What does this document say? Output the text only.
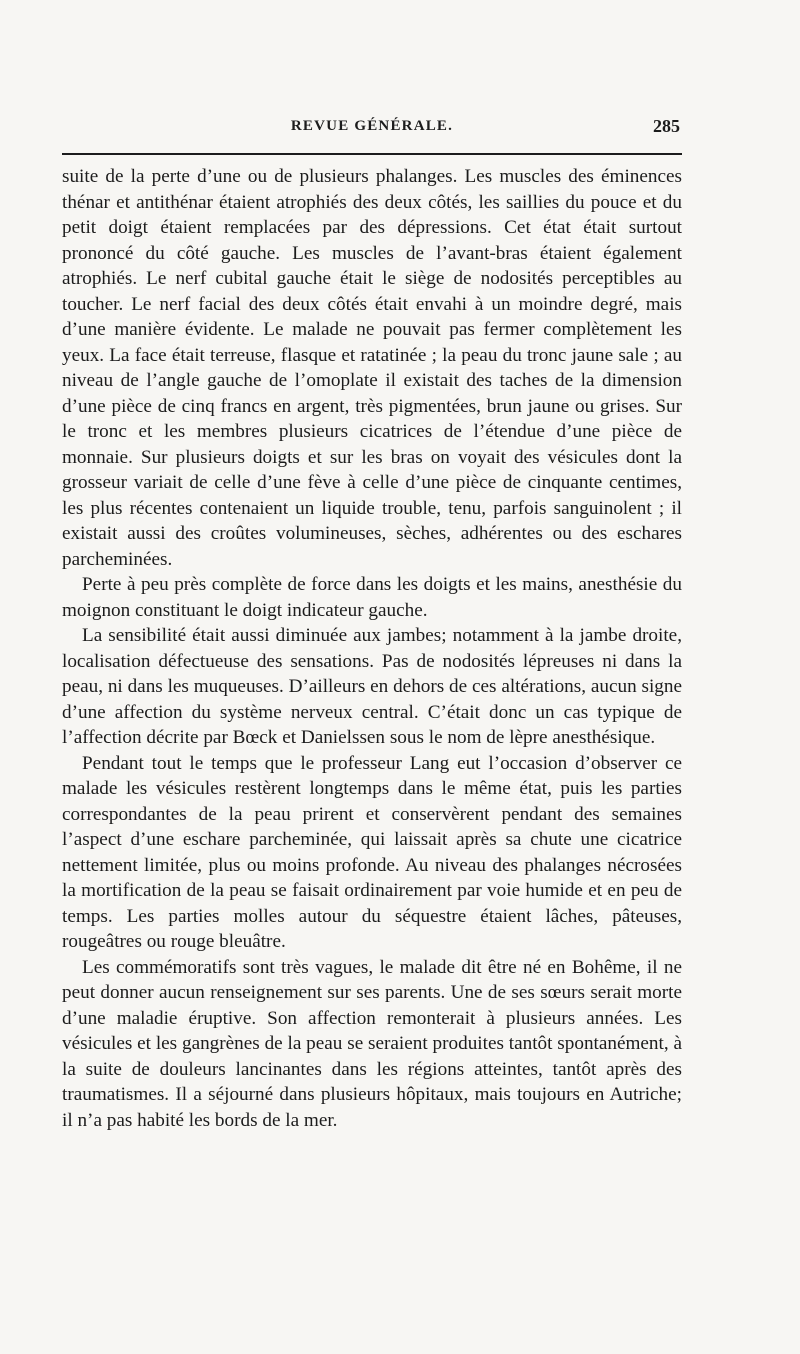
REVUE GÉNÉRALE.	285

suite de la perte d’une ou de plusieurs phalanges. Les muscles des éminences thénar et antithénar étaient atrophiés des deux côtés, les saillies du pouce et du petit doigt étaient remplacées par des dépressions. Cet état était surtout prononcé du côté gauche. Les muscles de l’avant-bras étaient également atrophiés. Le nerf cubital gauche était le siège de nodosités perceptibles au toucher. Le nerf facial des deux côtés était envahi à un moindre degré, mais d’une manière évidente. Le malade ne pouvait pas fermer complètement les yeux. La face était terreuse, flasque et ratatinée ; la peau du tronc jaune sale ; au niveau de l’angle gauche de l’omoplate il existait des taches de la dimension d’une pièce de cinq francs en argent, très pigmentées, brun jaune ou grises. Sur le tronc et les membres plusieurs cicatrices de l’étendue d’une pièce de monnaie. Sur plusieurs doigts et sur les bras on voyait des vésicules dont la grosseur variait de celle d’une fève à celle d’une pièce de cinquante centimes, les plus récentes contenaient un liquide trouble, tenu, parfois sanguinolent ; il existait aussi des croûtes volumineuses, sèches, adhérentes ou des eschares parcheminées.

Perte à peu près complète de force dans les doigts et les mains, anesthésie du moignon constituant le doigt indicateur gauche.

La sensibilité était aussi diminuée aux jambes; notamment à la jambe droite, localisation défectueuse des sensations. Pas de nodosités lépreuses ni dans la peau, ni dans les muqueuses. D’ailleurs en dehors de ces altérations, aucun signe d’une affection du système nerveux central. C’était donc un cas typique de l’affection décrite par Bœck et Danielssen sous le nom de lèpre anesthésique.

Pendant tout le temps que le professeur Lang eut l’occasion d’observer ce malade les vésicules restèrent longtemps dans le même état, puis les parties correspondantes de la peau prirent et conservèrent pendant des semaines l’aspect d’une eschare parcheminée, qui laissait après sa chute une cicatrice nettement limitée, plus ou moins profonde. Au niveau des phalanges nécrosées la mortification de la peau se faisait ordinairement par voie humide et en peu de temps. Les parties molles autour du séquestre étaient lâches, pâteuses, rougeâtres ou rouge bleuâtre.

Les commémoratifs sont très vagues, le malade dit être né en Bohême, il ne peut donner aucun renseignement sur ses parents. Une de ses sœurs serait morte d’une maladie éruptive. Son affection remonterait à plusieurs années. Les vésicules et les gangrènes de la peau se seraient produites tantôt spontanément, à la suite de douleurs lancinantes dans les régions atteintes, tantôt après des traumatismes. Il a séjourné dans plusieurs hôpitaux, mais toujours en Autriche; il n’a pas habité les bords de la mer.
